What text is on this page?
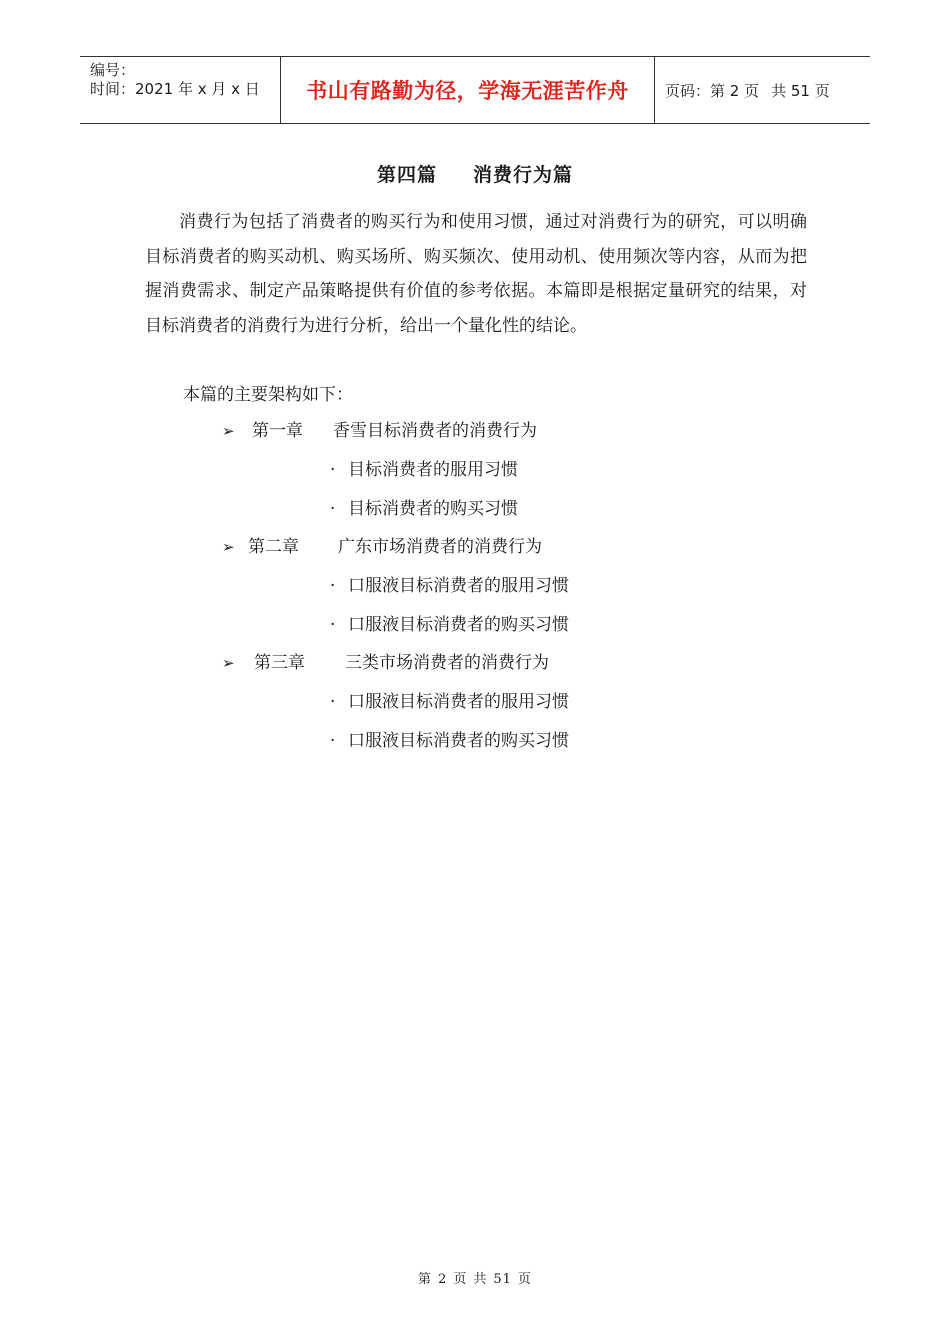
编号：
时间：2021 年 x 月 x 日	书山有路勤为径，学海无涯苦作舟 页码：第 2 页 共 51 页
第四篇 消费行为篇

消费行为包括了消费者的购买行为和使用习惯，通过对消费行为的研究，可以明确目标消费者的购买动机、购买场所、购买频次、使用动机、使用频次等内容，从而为把握消费需求、制定产品策略提供有价值的参考依据。本篇即是根据定量研究的结果，对目标消费者的消费行为进行分析，给出一个量化性的结论。

本篇的主要架构如下：

➢ 第一章 香雪目标消费者的消费行为
· 目标消费者的服用习惯
· 目标消费者的购买习惯
➢ 第二章 广东市场消费者的消费行为
· 口服液目标消费者的服用习惯
· 口服液目标消费者的购买习惯
➢ 第三章 三类市场消费者的消费行为
· 口服液目标消费者的服用习惯
· 口服液目标消费者的购买习惯
第 2 页 共 51 页
